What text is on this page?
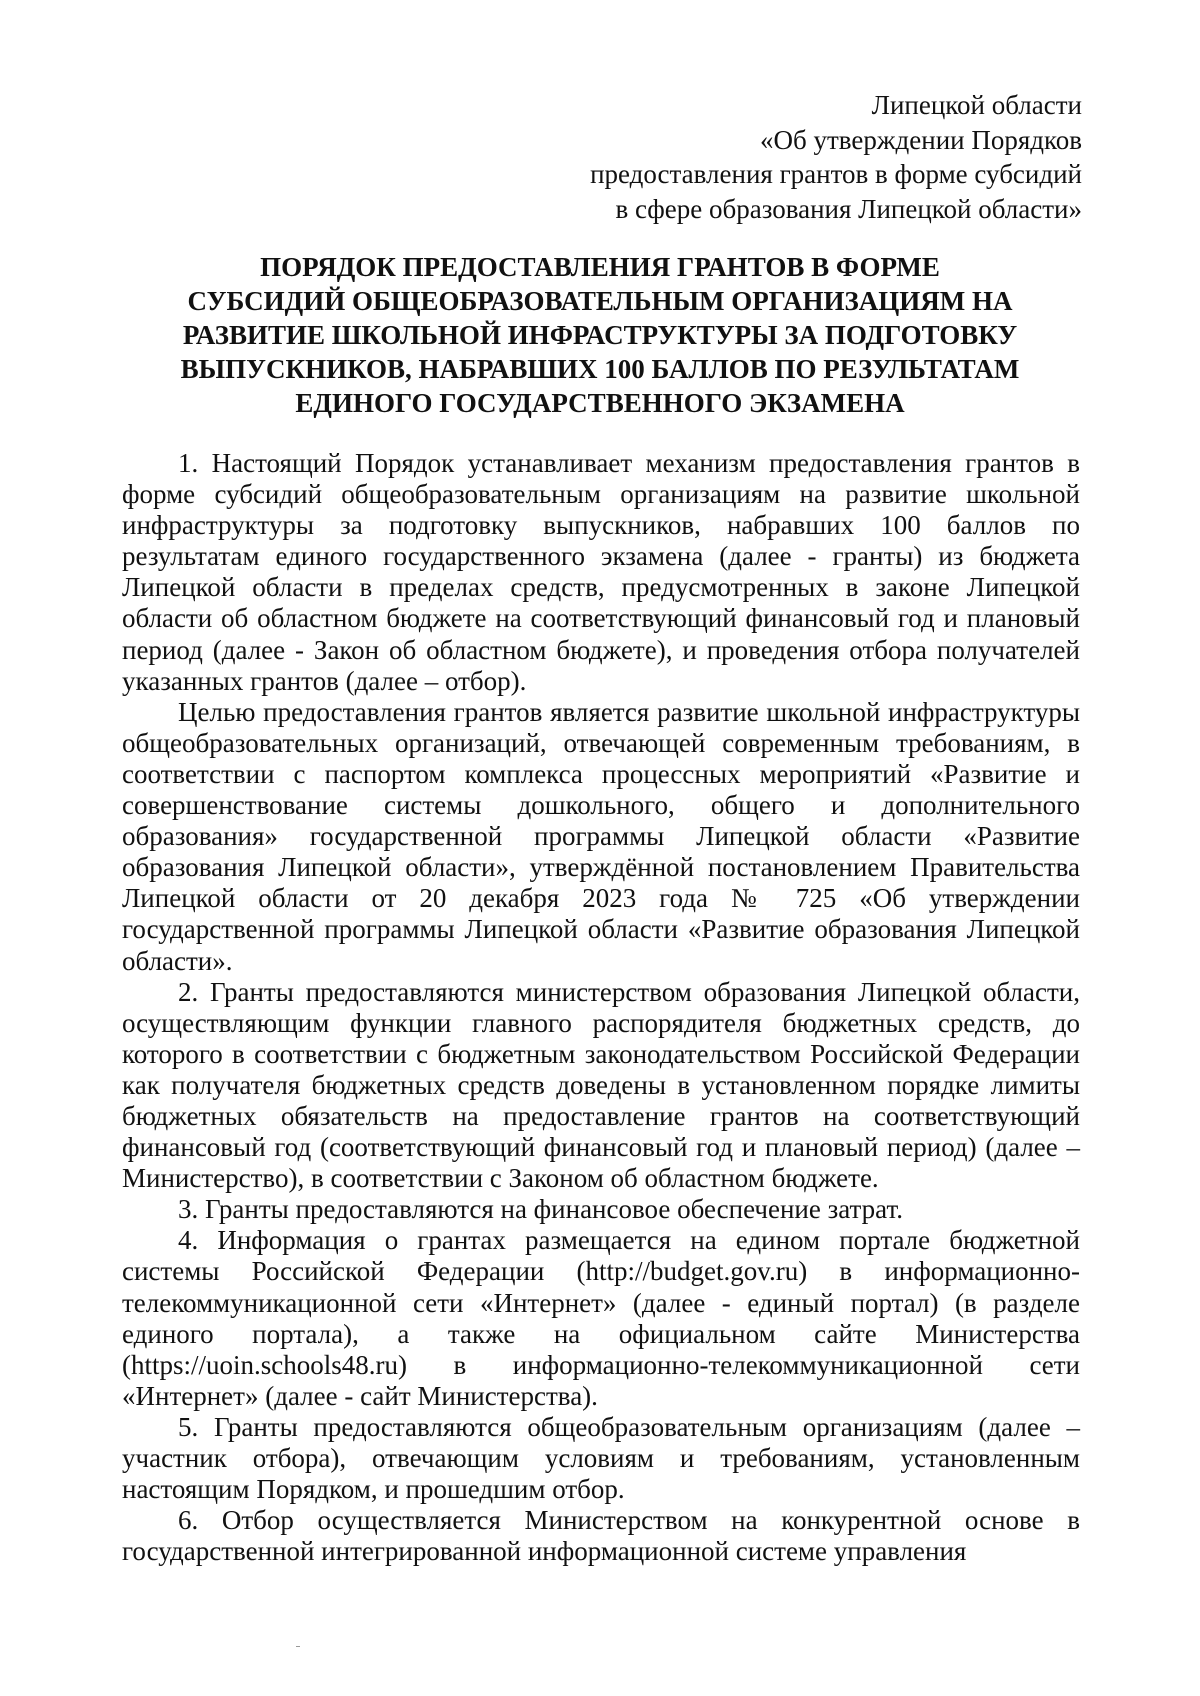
Липецкой области
«Об утверждении Порядков
предоставления грантов в форме субсидий
в сфере образования Липецкой области»
ПОРЯДОК ПРЕДОСТАВЛЕНИЯ ГРАНТОВ В ФОРМЕ
СУБСИДИЙ ОБЩЕОБРАЗОВАТЕЛЬНЫМ ОРГАНИЗАЦИЯМ НА
РАЗВИТИЕ ШКОЛЬНОЙ ИНФРАСТРУКТУРЫ ЗА ПОДГОТОВКУ
ВЫПУСКНИКОВ, НАБРАВШИХ 100 БАЛЛОВ ПО РЕЗУЛЬТАТАМ
ЕДИНОГО ГОСУДАРСТВЕННОГО ЭКЗАМЕНА

1. Настоящий Порядок устанавливает механизм предоставления грантов в форме субсидий общеобразовательным организациям на развитие школьной инфраструктуры за подготовку выпускников, набравших 100 баллов по результатам единого государственного экзамена (далее - гранты) из бюджета Липецкой области в пределах средств, предусмотренных в законе Липецкой области об областном бюджете на соответствующий финансовый год и плановый период (далее - Закон об областном бюджете), и проведения отбора получателей указанных грантов (далее – отбор).

Целью предоставления грантов является развитие школьной инфраструктуры общеобразовательных организаций, отвечающей современным требованиям, в соответствии с паспортом комплекса процессных мероприятий «Развитие и совершенствование системы дошкольного, общего и дополнительного образования» государственной программы Липецкой области «Развитие образования Липецкой области», утверждённой постановлением Правительства Липецкой области от 20 декабря 2023 года № 725 «Об утверждении государственной программы Липецкой области «Развитие образования Липецкой области».

2. Гранты предоставляются министерством образования Липецкой области, осуществляющим функции главного распорядителя бюджетных средств, до которого в соответствии с бюджетным законодательством Российской Федерации как получателя бюджетных средств доведены в установленном порядке лимиты бюджетных обязательств на предоставление грантов на соответствующий финансовый год (соответствующий финансовый год и плановый период) (далее – Министерство), в соответствии с Законом об областном бюджете.

3. Гранты предоставляются на финансовое обеспечение затрат.

4. Информация о грантах размещается на едином портале бюджетной системы Российской Федерации (http://budget.gov.ru) в информационно-телекоммуникационной сети «Интернет» (далее - единый портал) (в разделе единого портала), а также на официальном сайте Министерства (https://uoin.schools48.ru) в информационно-телекоммуникационной сети «Интернет» (далее - сайт Министерства).

5. Гранты предоставляются общеобразовательным организациям (далее – участник отбора), отвечающим условиям и требованиям, установленным настоящим Порядком, и прошедшим отбор.

6. Отбор осуществляется Министерством на конкурентной основе в государственной интегрированной информационной системе управления
